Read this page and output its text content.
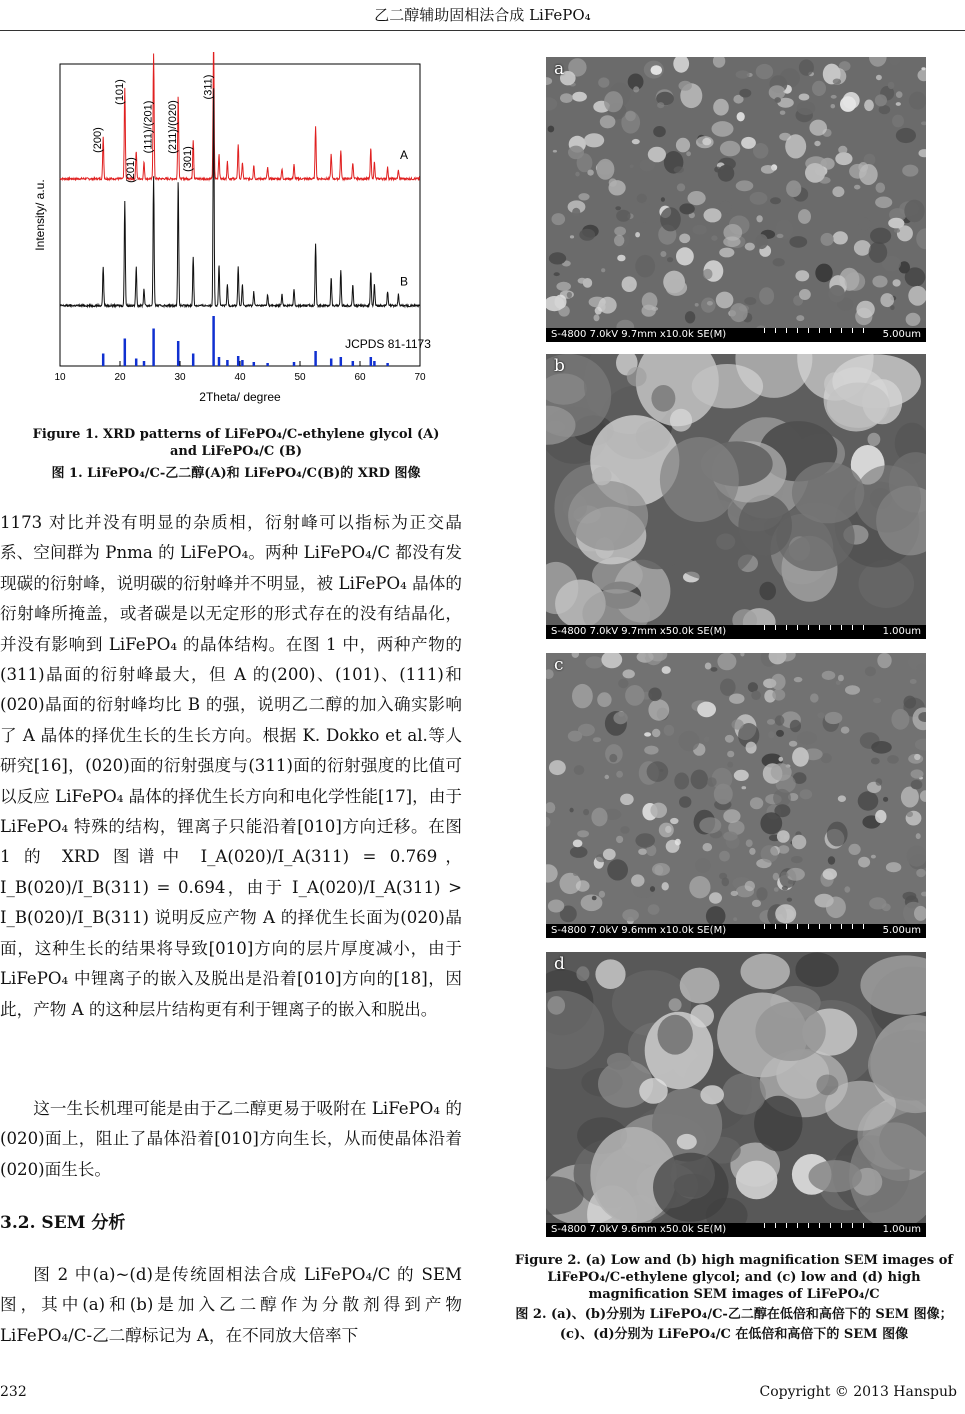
乙二醇辅助固相法合成 LiFePO₄
10	20	30	40	50	60	70
A
B
JCPDS 81-1173
(200)
(101)
(201)
(111)/(201) (211)/(020)
(301)
(311)
Intensity/ a.u.
2Theta/ degree
Figure 1. XRD patterns of LiFePO₄/C-ethylene glycol (A) and LiFePO₄/C (B)
图 1. LiFePO₄/C-乙二醇(A)和 LiFePO₄/C(B)的 XRD 图像

1173 对比并没有明显的杂质相，衍射峰可以指标为正交晶系、空间群为 Pnma 的 LiFePO₄。两种 LiFePO₄/C 都没有发现碳的衍射峰，说明碳的衍射峰并不明显，被 LiFePO₄ 晶体的衍射峰所掩盖，或者碳是以无定形的形式存在的没有结晶化，并没有影响到 LiFePO₄ 的晶体结构。在图 1 中，两种产物的(311)晶面的衍射峰最大，但 A 的(200)、(101)、(111)和(020)晶面的衍射峰均比 B 的强，说明乙二醇的加入确实影响了 A 晶体的择优生长的生长方向。根据 K. Dokko et al.等人研究[16]，(020)面的衍射强度与(311)面的衍射强度的比值可以反应 LiFePO₄ 晶体的择优生长方向和电化学性能[17]，由于 LiFePO₄ 特殊的结构，锂离子只能沿着[010]方向迁移。在图 1 的 XRD 图谱中 I_A(020)/I_A(311) = 0.769，I_B(020)/I_B(311) = 0.694，由于 I_A(020)/I_A(311) > I_B(020)/I_B(311) 说明反应产物 A 的择优生长面为(020)晶面，这种生长的结果将导致[010]方向的层片厚度减小，由于 LiFePO₄ 中锂离子的嵌入及脱出是沿着[010]方向的[18]，因此，产物 A 的这种层片结构更有利于锂离子的嵌入和脱出。

这一生长机理可能是由于乙二醇更易于吸附在 LiFePO₄ 的(020)面上，阻止了晶体沿着[010]方向生长，从而使晶体沿着(020)面生长。

3.2. SEM 分析

图 2 中(a)~(d)是传统固相法合成 LiFePO₄/C 的 SEM 图，其中(a)和(b)是加入乙二醇作为分散剂得到产物 LiFePO₄/C-乙二醇标记为 A，在不同放大倍率下

a
S-4800 7.0kV 9.7mm x10.0k SE(M)	5.00um
b
S-4800 7.0kV 9.7mm x50.0k SE(M)	1.00um
c
S-4800 7.0kV 9.6mm x10.0k SE(M)	5.00um
d
S-4800 7.0kV 9.6mm x50.0k SE(M)	1.00um
Figure 2. (a) Low and (b) high magnification SEM images of LiFePO₄/C-ethylene glycol; and (c) low and (d) high magnification SEM images of LiFePO₄/C
图 2. (a)、(b)分别为 LiFePO₄/C-乙二醇在低倍和高倍下的 SEM 图像；(c)、(d)分别为 LiFePO₄/C 在低倍和高倍下的 SEM 图像
232	Copyright © 2013 Hanspub
